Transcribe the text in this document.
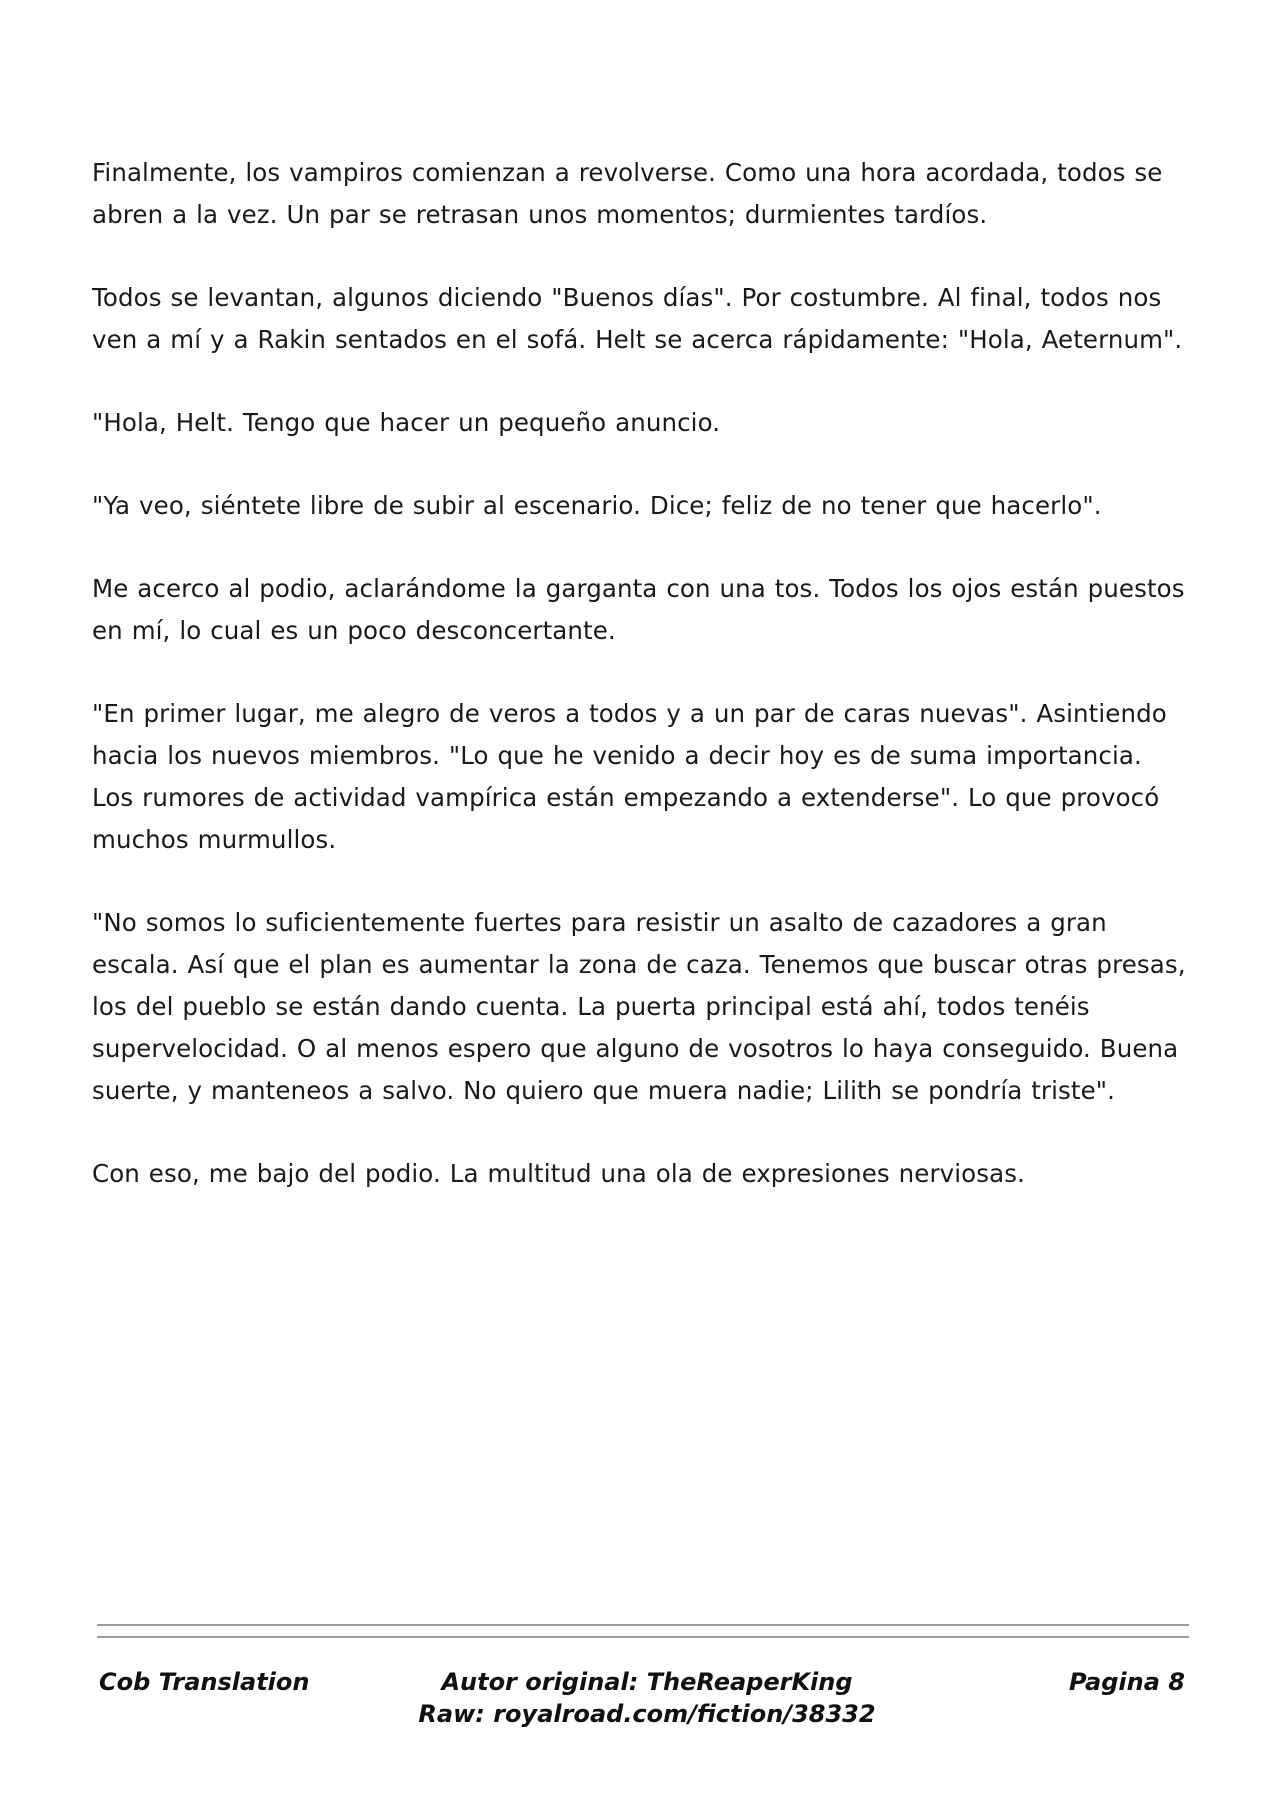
Finalmente, los vampiros comienzan a revolverse. Como una hora acordada, todos se abren a la vez. Un par se retrasan unos momentos; durmientes tardíos.

Todos se levantan, algunos diciendo "Buenos días". Por costumbre. Al final, todos nos ven a mí y a Rakin sentados en el sofá. Helt se acerca rápidamente: "Hola, Aeternum".

"Hola, Helt. Tengo que hacer un pequeño anuncio.

"Ya veo, siéntete libre de subir al escenario. Dice; feliz de no tener que hacerlo".

Me acerco al podio, aclarándome la garganta con una tos. Todos los ojos están puestos en mí, lo cual es un poco desconcertante.

"En primer lugar, me alegro de veros a todos y a un par de caras nuevas". Asintiendo hacia los nuevos miembros. "Lo que he venido a decir hoy es de suma importancia. Los rumores de actividad vampírica están empezando a extenderse". Lo que provocó muchos murmullos.

"No somos lo suficientemente fuertes para resistir un asalto de cazadores a gran escala. Así que el plan es aumentar la zona de caza. Tenemos que buscar otras presas, los del pueblo se están dando cuenta. La puerta principal está ahí, todos tenéis supervelocidad. O al menos espero que alguno de vosotros lo haya conseguido. Buena suerte, y manteneos a salvo. No quiero que muera nadie; Lilith se pondría triste".

Con eso, me bajo del podio. La multitud una ola de expresiones nerviosas.

Cob Translation	Autor original: TheReaperKing
Raw: royalroad.com/fiction/38332
Pagina 8
